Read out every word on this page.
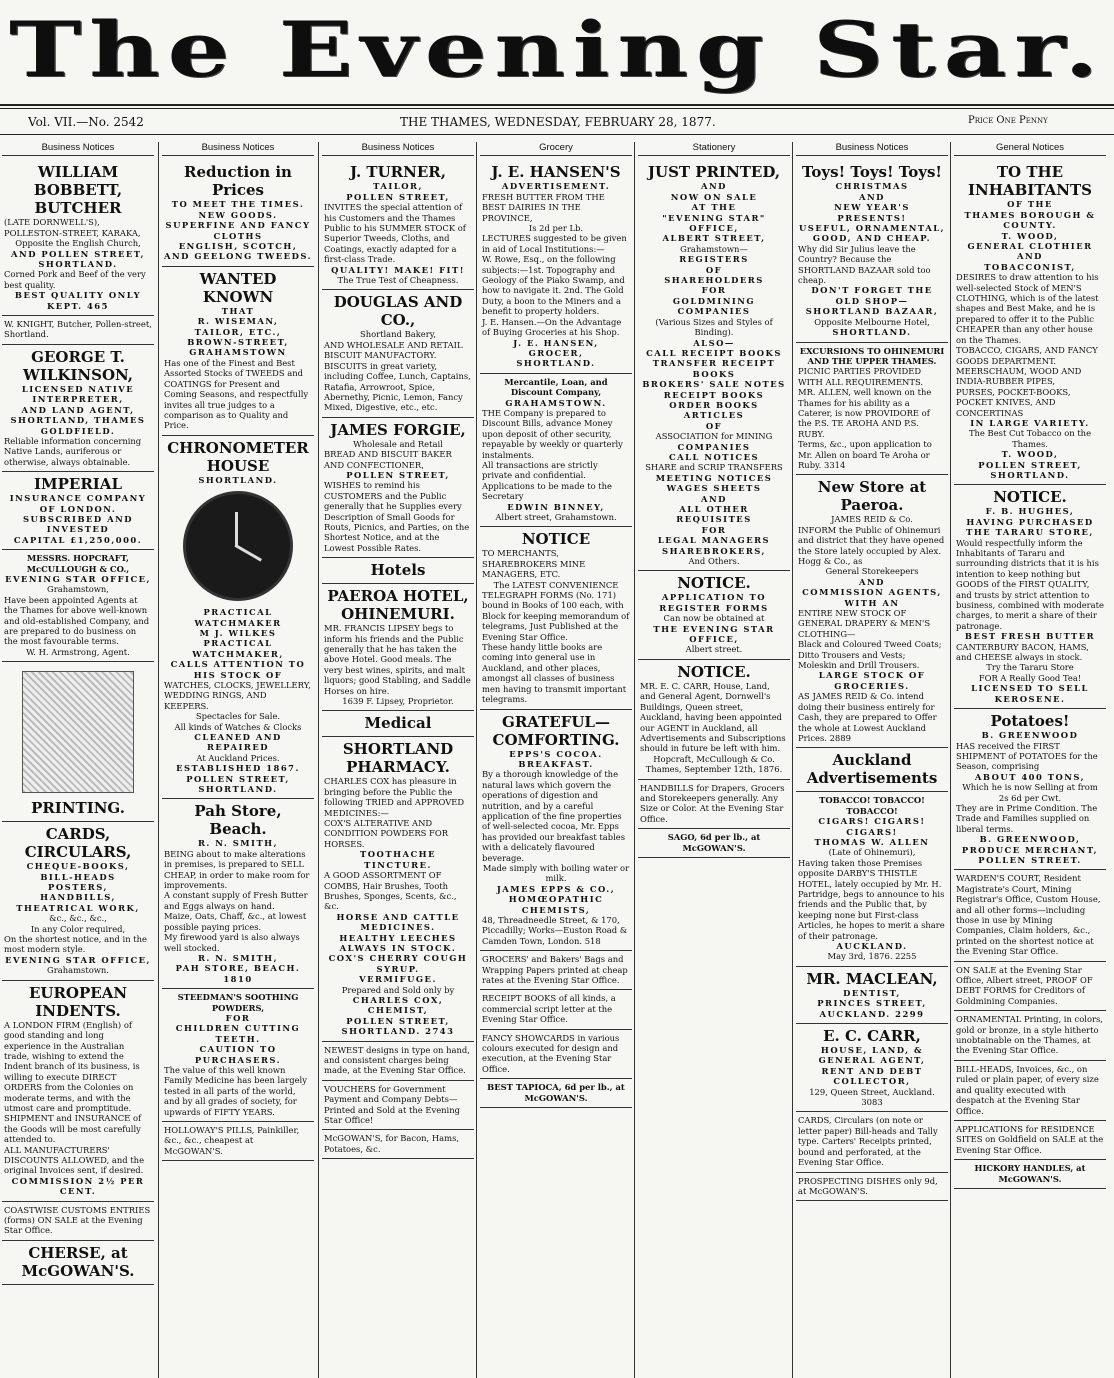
The Evening Star.
Vol. VII.—No. 2542	THE THAMES, WEDNESDAY, FEBRUARY 28, 1877.	Price One Penny
Business Notices
WILLIAM BOBBETT, BUTCHER
(LATE DORNWELL'S), POLLESTON-STREET, KARAKA,
Opposite the English Church,
AND POLLEN STREET, SHORTLAND.
Corned Pork and Beef of the very best quality.
BEST QUALITY ONLY KEPT. 465
W. KNIGHT, Butcher, Pollen-street, Shortland.
GEORGE T. WILKINSON,
LICENSED NATIVE INTERPRETER,
AND LAND AGENT,
SHORTLAND, THAMES GOLDFIELD.
Reliable information concerning Native Lands, auriferous or otherwise, always obtainable.
IMPERIAL
INSURANCE COMPANY
OF LONDON.
SUBSCRIBED AND INVESTED
CAPITAL £1,250,000.
MESSRS. HOPCRAFT, McCULLOUGH & CO.,
EVENING STAR OFFICE,
Grahamstown,
Have been appointed Agents at the Thames for above well-known and old-established Company, and are prepared to do business on the most favourable terms.
W. H. Armstrong, Agent.
PRINTING.
CARDS, CIRCULARS,
CHEQUE-BOOKS,
BILL-HEADS
POSTERS,
HANDBILLS,
THEATRICAL WORK,
&c., &c., &c.,
In any Color required,
On the shortest notice, and in the most modern style.
EVENING STAR OFFICE,
Grahamstown.
EUROPEAN INDENTS.
A LONDON FIRM (English) of good standing and long experience in the Australian trade, wishing to extend the Indent branch of its business, is willing to execute DIRECT ORDERS from the Colonies on moderate terms, and with the utmost care and promptitude.
SHIPMENT and INSURANCE of the Goods will be most carefully attended to.
ALL MANUFACTURERS' DISCOUNTS ALLOWED, and the original Invoices sent, if desired.
COMMISSION 2½ PER CENT.
COASTWISE CUSTOMS ENTRIES (forms) ON SALE at the Evening Star Office.
CHERSE, at McGOWAN'S.
Business Notices
Reduction in Prices
TO MEET THE TIMES.
NEW GOODS.
SUPERFINE AND FANCY CLOTHS
ENGLISH, SCOTCH, AND GEELONG TWEEDS.
WANTED KNOWN
THAT
R. WISEMAN,
TAILOR, ETC.,
BROWN-STREET, GRAHAMSTOWN
Has one of the Finest and Best Assorted Stocks of TWEEDS and COATINGS for Present and Coming Seasons, and respectfully invites all true judges to a comparison as to Quality and Price.
CHRONOMETER HOUSE
SHORTLAND.
PRACTICAL
WATCHMAKER
M J. WILKES
PRACTICAL WATCHMAKER,
CALLS ATTENTION TO HIS STOCK OF
WATCHES, CLOCKS, JEWELLERY, WEDDING RINGS, AND KEEPERS.
Spectacles for Sale.
All kinds of Watches & Clocks
CLEANED AND REPAIRED
At Auckland Prices.
ESTABLISHED 1867.
POLLEN STREET, SHORTLAND.
Pah Store, Beach.
R. N. SMITH,
BEING about to make alterations in premises, is prepared to SELL CHEAP, in order to make room for improvements.
A constant supply of Fresh Butter and Eggs always on hand.
Maize, Oats, Chaff, &c., at lowest possible paying prices.
My firewood yard is also always well stocked.
R. N. SMITH,
PAH STORE, BEACH. 1810
STEEDMAN'S SOOTHING POWDERS,
FOR
CHILDREN CUTTING TEETH.
CAUTION TO PURCHASERS.
The value of this well known Family Medicine has been largely tested in all parts of the world, and by all grades of society, for upwards of FIFTY YEARS.
HOLLOWAY'S PILLS, Painkiller, &c., &c., cheapest at McGOWAN'S.
Business Notices
J. TURNER,
TAILOR,
POLLEN STREET,
INVITES the special attention of his Customers and the Thames Public to his SUMMER STOCK of Superior Tweeds, Cloths, and Coatings, exactly adapted for a first-class Trade.
QUALITY! MAKE! FIT!
The True Test of Cheapness.
DOUGLAS AND CO.,
Shortland Bakery,
AND WHOLESALE AND RETAIL BISCUIT MANUFACTORY.
BISCUITS in great variety, including Coffee, Lunch, Captains, Ratafia, Arrowroot, Spice, Abernethy, Picnic, Lemon, Fancy Mixed, Digestive, etc., etc.
JAMES FORGIE,
Wholesale and Retail
BREAD AND BISCUIT BAKER AND CONFECTIONER,
POLLEN STREET,
WISHES to remind his CUSTOMERS and the Public generally that he Supplies every Description of Small Goods for Routs, Picnics, and Parties, on the Shortest Notice, and at the Lowest Possible Rates.
Hotels
PAEROA HOTEL, OHINEMURI.
MR. FRANCIS LIPSEY begs to inform his friends and the Public generally that he has taken the above Hotel. Good meals. The very best wines, spirits, and malt liquors; good Stabling, and Saddle Horses on hire.
1639 F. Lipsey, Proprietor.
Medical
SHORTLAND PHARMACY.
CHARLES COX has pleasure in bringing before the Public the following TRIED and APPROVED MEDICINES:—
COX'S ALTERATIVE AND CONDITION POWDERS FOR HORSES.
TOOTHACHE TINCTURE.
A GOOD ASSORTMENT OF COMBS, Hair Brushes, Tooth Brushes, Sponges, Scents, &c., &c.
HORSE AND CATTLE MEDICINES.
HEALTHY LEECHES ALWAYS IN STOCK.
COX'S CHERRY COUGH SYRUP.
VERMIFUGE.
Prepared and Sold only by
CHARLES COX,
CHEMIST,
POLLEN STREET, SHORTLAND. 2743
NEWEST designs in type on hand, and consistent charges being made, at the Evening Star Office.
VOUCHERS for Government Payment and Company Debts—Printed and Sold at the Evening Star Office!
McGOWAN'S, for Bacon, Hams, Potatoes, &c.
Grocery
J. E. HANSEN'S
ADVERTISEMENT.
FRESH BUTTER FROM THE BEST DAIRIES IN THE PROVINCE,
Is 2d per Lb.
LECTURES suggested to be given in aid of Local Institutions:—
W. Rowe, Esq., on the following subjects:—1st. Topography and Geology of the Piako Swamp, and how to navigate it. 2nd. The Gold Duty, a boon to the Miners and a benefit to property holders.
J. E. Hansen.—On the Advantage of Buying Groceries at his Shop.
J. E. HANSEN,
GROCER,
SHORTLAND.
Mercantile, Loan, and Discount Company,
GRAHAMSTOWN.
THE Company is prepared to Discount Bills, advance Money upon deposit of other security, repayable by weekly or quarterly instalments.
All transactions are strictly private and confidential.
Applications to be made to the Secretary
EDWIN BINNEY,
Albert street, Grahamstown.
NOTICE
TO MERCHANTS, SHAREBROKERS MINE MANAGERS, ETC.
The LATEST CONVENIENCE
TELEGRAPH FORMS (No. 171) bound in Books of 100 each, with Block for keeping memorandum of telegrams, Just Published at the Evening Star Office.
These handy little books are coming into general use in Auckland, and other places, amongst all classes of business men having to transmit important telegrams.
GRATEFUL—COMFORTING.
EPPS'S COCOA.
BREAKFAST.
By a thorough knowledge of the natural laws which govern the operations of digestion and nutrition, and by a careful application of the fine properties of well-selected cocoa, Mr. Epps has provided our breakfast tables with a delicately flavoured beverage.
Made simply with boiling water or milk.
JAMES EPPS & CO.,
HOMŒOPATHIC CHEMISTS,
48, Threadneedle Street, & 170, Piccadilly; Works—Euston Road & Camden Town, London. 518
GROCERS' and Bakers' Bags and Wrapping Papers printed at cheap rates at the Evening Star Office.
RECEIPT BOOKS of all kinds, a commercial script letter at the Evening Star Office.
FANCY SHOWCARDS in various colours executed for design and execution, at the Evening Star Office.
BEST TAPIOCA, 6d per lb., at McGOWAN'S.
Stationery
JUST PRINTED,
AND
NOW ON SALE
AT THE
"EVENING STAR" OFFICE,
ALBERT STREET,
Grahamstown—
REGISTERS
OF
SHAREHOLDERS
FOR
GOLDMINING COMPANIES
(Various Sizes and Styles of Binding).
ALSO—
CALL RECEIPT BOOKS
TRANSFER RECEIPT BOOKS
BROKERS' SALE NOTES
RECEIPT BOOKS
ORDER BOOKS
ARTICLES
OF
ASSOCIATION for MINING
COMPANIES
CALL NOTICES
SHARE and SCRIP TRANSFERS
MEETING NOTICES
WAGES SHEETS
AND
ALL OTHER REQUISITES
FOR
LEGAL MANAGERS
SHAREBROKERS,
And Others.
NOTICE.
APPLICATION TO REGISTER FORMS
Can now be obtained at
THE EVENING STAR OFFICE,
Albert street.
NOTICE.
MR. E. C. CARR, House, Land, and General Agent, Dornwell's Buildings, Queen street, Auckland, having been appointed our AGENT in Auckland, all Advertisements and Subscriptions should in future be left with him.
Hopcraft, McCullough & Co.
Thames, September 12th, 1876.
HANDBILLS for Drapers, Grocers and Storekeepers generally. Any Size or Color. At the Evening Star Office.
SAGO, 6d per lb., at McGOWAN'S.
Business Notices
Toys! Toys! Toys!
CHRISTMAS
AND
NEW YEAR'S PRESENTS!
USEFUL, ORNAMENTAL, GOOD, AND CHEAP.
Why did Sir Julius leave the Country? Because the SHORTLAND BAZAAR sold too cheap.
DON'T FORGET THE OLD SHOP—
SHORTLAND BAZAAR,
Opposite Melbourne Hotel,
SHORTLAND.
EXCURSIONS TO OHINEMURI AND THE UPPER THAMES.
PICNIC PARTIES PROVIDED WITH ALL REQUIREMENTS.
MR. ALLEN, well known on the Thames for his ability as a Caterer, is now PROVIDORE of the P.S. TE AROHA AND P.S. RUBY.
Terms, &c., upon application to Mr. Allen on board Te Aroha or Ruby. 3314
New Store at Paeroa.
JAMES REID & Co.
INFORM the Public of Ohinemuri and district that they have opened the Store lately occupied by Alex. Hogg & Co., as
General Storekeepers
AND
COMMISSION AGENTS,
WITH AN
ENTIRE NEW STOCK OF GENERAL DRAPERY & MEN'S CLOTHING—
Black and Coloured Tweed Coats; Ditto Trousers and Vests; Moleskin and Drill Trousers.
LARGE STOCK OF GROCERIES.
AS JAMES REID & Co. intend doing their business entirely for Cash, they are prepared to Offer the whole at Lowest Auckland Prices. 2889
Auckland Advertisements
TOBACCO! TOBACCO! TOBACCO!
CIGARS! CIGARS! CIGARS!
THOMAS W. ALLEN
(Late of Ohinemuri),
Having taken those Premises opposite DARBY'S THISTLE HOTEL, lately occupied by Mr. H. Partridge, begs to announce to his friends and the Public that, by keeping none but First-class Articles, he hopes to merit a share of their patronage.
AUCKLAND.
May 3rd, 1876. 2255
MR. MACLEAN,
DENTIST,
PRINCES STREET,
AUCKLAND. 2299
E. C. CARR,
HOUSE, LAND, & GENERAL AGENT,
RENT AND DEBT COLLECTOR,
129, Queen Street, Auckland. 3083
CARDS, Circulars (on note or letter paper) Bill-heads and Tally type. Carters' Receipts printed, bound and perforated, at the Evening Star Office.
PROSPECTING DISHES only 9d, at McGOWAN'S.
General Notices
TO THE INHABITANTS
OF THE
THAMES BOROUGH & COUNTY.
T. WOOD,
GENERAL CLOTHIER
AND
TOBACCONIST,
DESIRES to draw attention to his well-selected Stock of MEN'S CLOTHING, which is of the latest shapes and Best Make, and he is prepared to offer it to the Public CHEAPER than any other house on the Thames.
TOBACCO, CIGARS, AND FANCY GOODS DEPARTMENT.
MEERSCHAUM, WOOD AND INDIA-RUBBER PIPES,
PURSES, POCKET-BOOKS, POCKET KNIVES, AND CONCERTINAS
IN LARGE VARIETY.
The Best Cut Tobacco on the Thames.
T. WOOD,
POLLEN STREET, SHORTLAND.
NOTICE.
F. B. HUGHES,
HAVING PURCHASED THE TARARU STORE,
Would respectfully inform the Inhabitants of Tararu and surrounding districts that it is his intention to keep nothing but GOODS of the FIRST QUALITY, and trusts by strict attention to business, combined with moderate charges, to merit a share of their patronage.
BEST FRESH BUTTER
CANTERBURY BACON, HAMS, and CHEESE always in stock.
Try the Tararu Store
FOR A Really Good Tea!
LICENSED TO SELL KEROSENE.
Potatoes!
B. GREENWOOD
HAS received the FIRST SHIPMENT of POTATOES for the Season, comprising
ABOUT 400 TONS,
Which he is now Selling at from
2s 6d per Cwt.
They are in Prime Condition. The Trade and Families supplied on liberal terms.
B. GREENWOOD,
PRODUCE MERCHANT,
POLLEN STREET.
WARDEN'S COURT, Resident Magistrate's Court, Mining Registrar's Office, Custom House, and all other forms—including those in use by Mining Companies, Claim holders, &c., printed on the shortest notice at the Evening Star Office.
ON SALE at the Evening Star Office, Albert street, PROOF OF DEBT FORMS for Creditors of Goldmining Companies.
ORNAMENTAL Printing, in colors, gold or bronze, in a style hitherto unobtainable on the Thames, at the Evening Star Office.
BILL-HEADS, Invoices, &c., on ruled or plain paper, of every size and quality executed with despatch at the Evening Star Office.
APPLICATIONS for RESIDENCE SITES on Goldfield on SALE at the Evening Star Office.
HICKORY HANDLES, at McGOWAN'S.
